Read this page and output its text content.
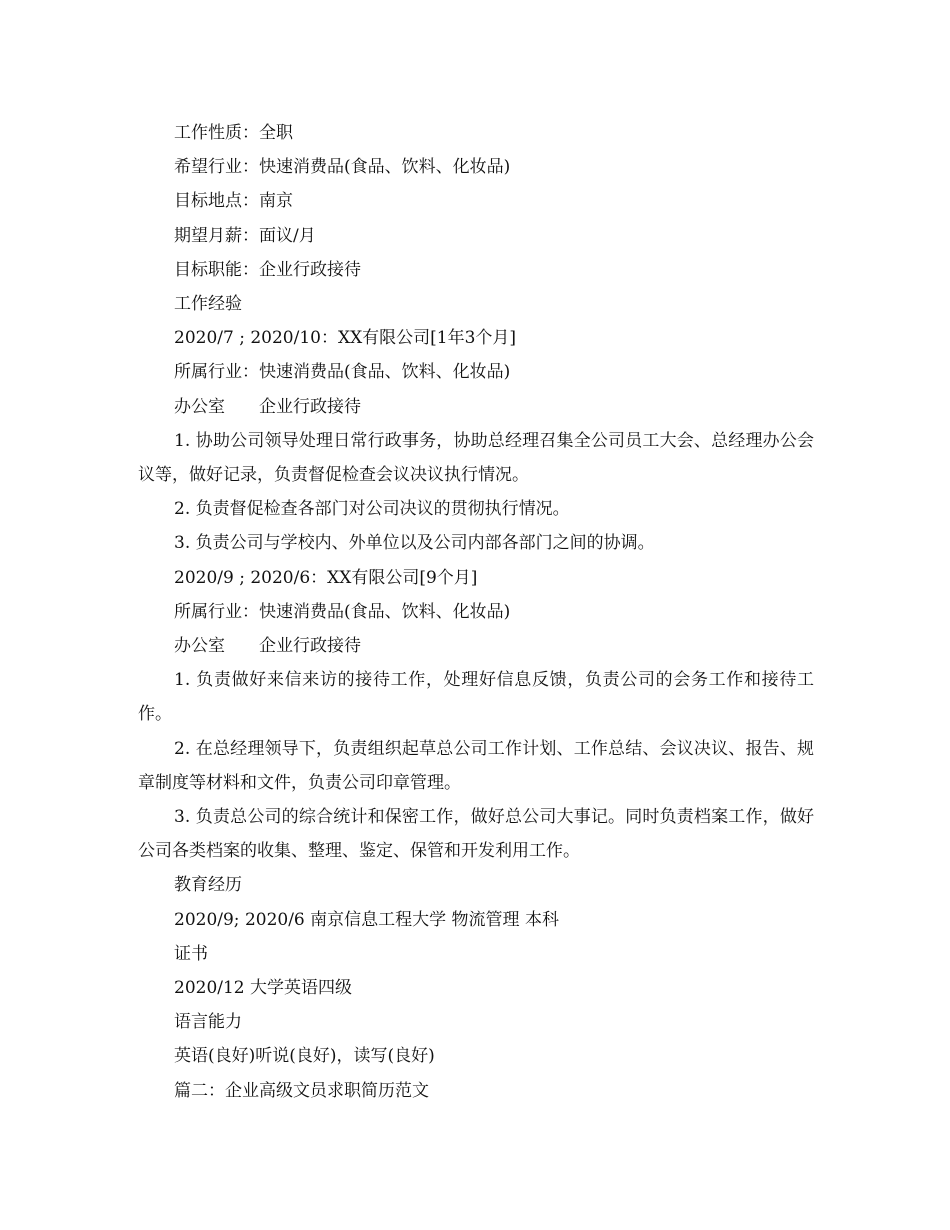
工作性质：全职

希望行业：快速消费品(食品、饮料、化妆品)

目标地点：南京

期望月薪：面议/月

目标职能：企业行政接待

工作经验

2020/7 ; 2020/10：XX有限公司[1年3个月]

所属行业：快速消费品(食品、饮料、化妆品)

办公室　　企业行政接待

1. 协助公司领导处理日常行政事务，协助总经理召集全公司员工大会、总经理办公会议等，做好记录，负责督促检查会议决议执行情况。

2. 负责督促检查各部门对公司决议的贯彻执行情况。

3. 负责公司与学校内、外单位以及公司内部各部门之间的协调。

2020/9 ; 2020/6：XX有限公司[9个月]

所属行业：快速消费品(食品、饮料、化妆品)

办公室　　企业行政接待

1. 负责做好来信来访的接待工作，处理好信息反馈，负责公司的会务工作和接待工作。

2. 在总经理领导下，负责组织起草总公司工作计划、工作总结、会议决议、报告、规章制度等材料和文件，负责公司印章管理。

3. 负责总公司的综合统计和保密工作，做好总公司大事记。同时负责档案工作，做好公司各类档案的收集、整理、鉴定、保管和开发利用工作。

教育经历

2020/9; 2020/6 南京信息工程大学 物流管理 本科

证书

2020/12 大学英语四级

语言能力

英语(良好)听说(良好)，读写(良好)

篇二：企业高级文员求职简历范文
